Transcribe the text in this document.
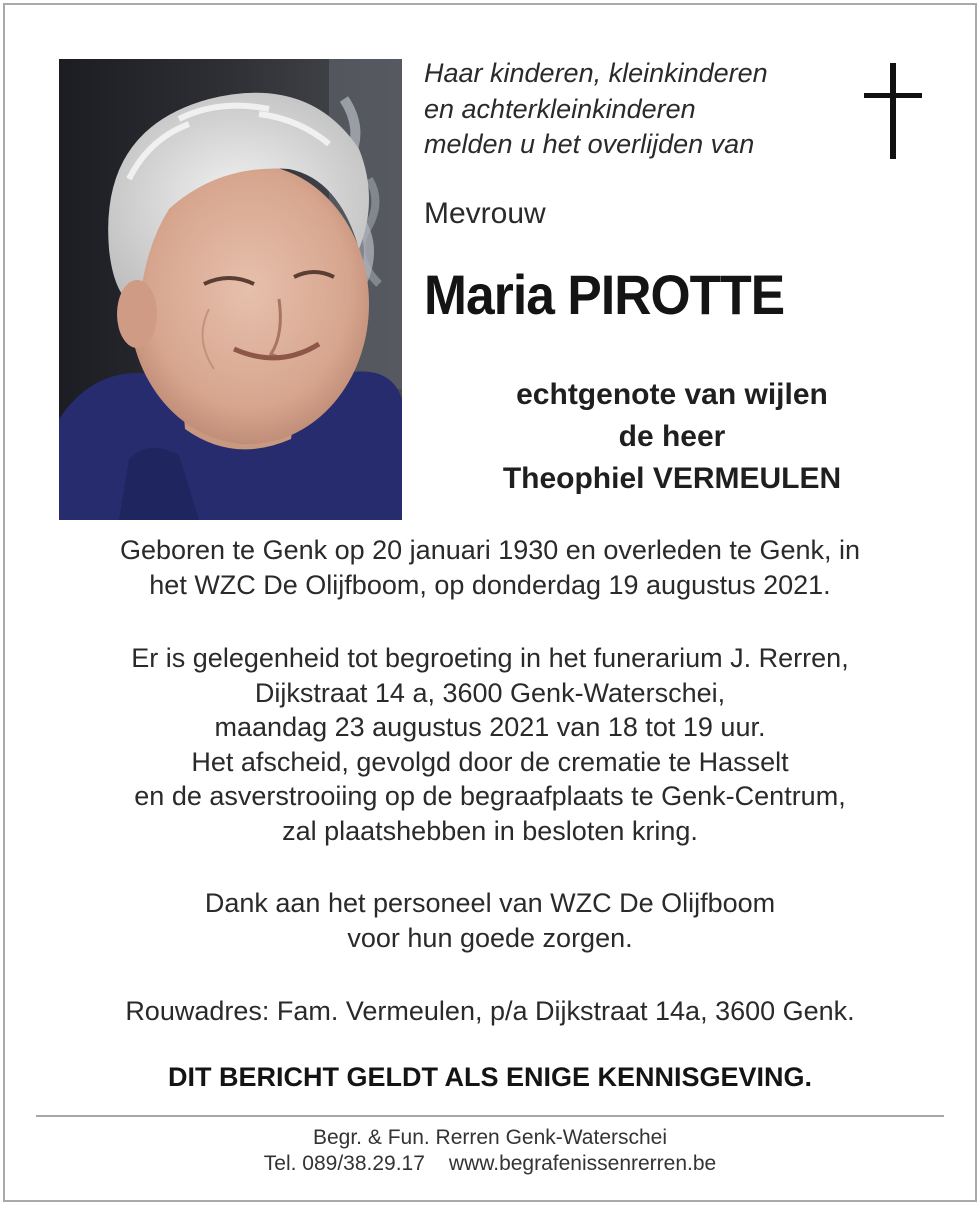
Haar kinderen, kleinkinderen
en achterkleinkinderen
melden u het overlijden van
Mevrouw
Maria PIROTTE
echtgenote van wijlen
de heer
Theophiel VERMEULEN
Geboren te Genk op 20 januari 1930 en overleden te Genk, in
het WZC De Olijfboom, op donderdag 19 augustus 2021.
Er is gelegenheid tot begroeting in het funerarium J. Rerren,
Dijkstraat 14 a, 3600 Genk-Waterschei,
maandag 23 augustus 2021 van 18 tot 19 uur.
Het afscheid, gevolgd door de crematie te Hasselt
en de asverstrooiing op de begraafplaats te Genk-Centrum,
zal plaatshebben in besloten kring.
Dank aan het personeel van WZC De Olijfboom
voor hun goede zorgen.
Rouwadres: Fam. Vermeulen, p/a Dijkstraat 14a, 3600 Genk.
DIT BERICHT GELDT ALS ENIGE KENNISGEVING.
Begr. & Fun. Rerren Genk-Waterschei
Tel. 089/38.29.17 www.begrafenissenrerren.be
